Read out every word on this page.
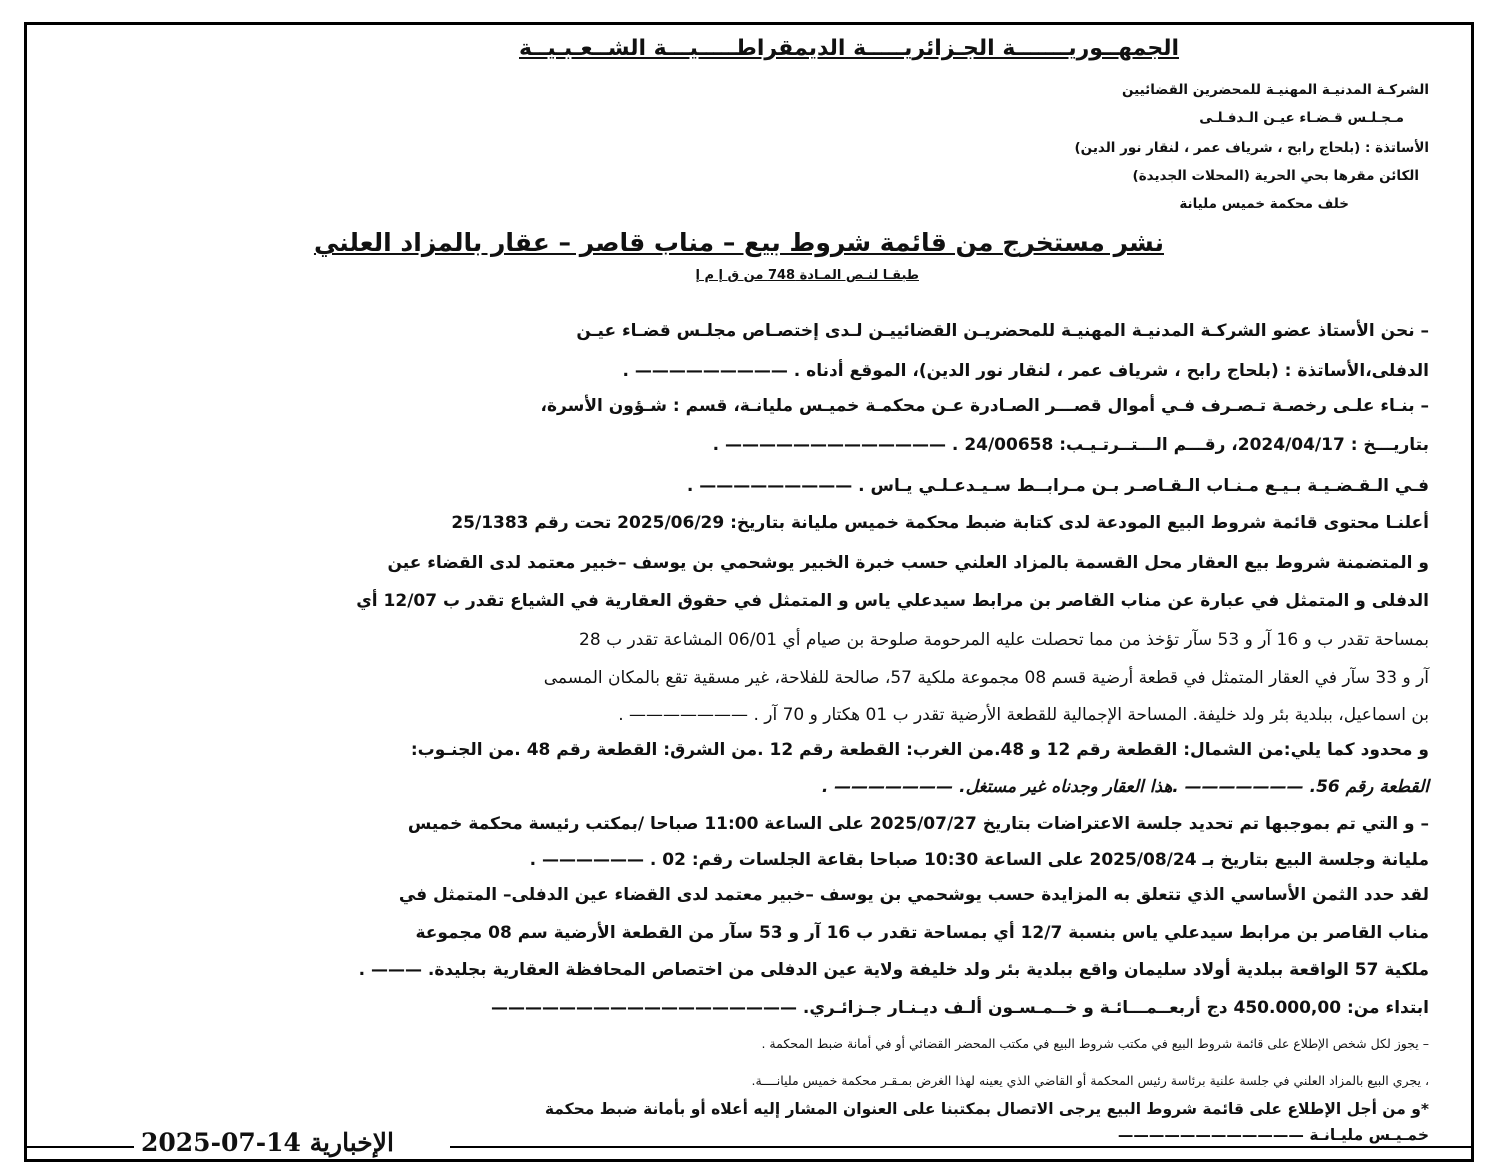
الجمهــوريـــــــة الجـزائريـــــة الديمقراطـــــيـــة الشــعـبـيــة
الشركـة المدنيـة المهنيـة للمحضرين القضائيين
مـجـلـس قـضـاء عيـن الـدفـلـى
الأساتذة : (بلحاج رابح ، شرياف عمر ، لنقار نور الدين)
الكائن مقرها بحي الحرية (المحلات الجديدة)
خلف محكمة خميس مليانة
نشر مستخرج من قائمة شروط بيع – مناب قاصر – عقار بالمزاد العلني
طبقـا لنـص المـادة 748 من ق إ م إ
– نحن الأستاذ عضو الشركـة المدنيـة المهنيـة للمحضريـن القضائييـن لـدى إختصـاص مجلـس قضـاء عيـن
الدفلى،الأساتذة : (بلحاج رابح ، شرياف عمر ، لنقار نور الدين)، الموقع أدناه . ————————— .
– بنـاء علـى رخصـة تـصـرف فـي أموال قصـــر الصـادرة عـن محكمـة خميـس مليانـة، قسم : شـؤون الأسرة،
بتاريـــخ : 2024/04/17، رقـــم الـــتــرتـيـب: 24/00658 . ————————————— .
فـي الـقـضـيـة بـيـع مـنـاب الـقـاصـر بـن مـرابــط سـيـدعـلـي يـاس . ————————— .
أعلنـا محتوى قائمة شروط البيع المودعة لدى كتابة ضبط محكمة خميس مليانة بتاريخ: 2025/06/29 تحت رقم 25/1383
و المتضمنة شروط بيع العقار محل القسمة بالمزاد العلني حسب خبرة الخبير يوشحمي بن يوسف –خبير معتمد لدى القضاء عين
الدفلى و المتمثل في عبارة عن مناب القاصر بن مرابط سيدعلي ياس و المتمثل في حقوق العقارية في الشياع تقدر ب 12/07 أي
بمساحة تقدر ب و 16 آر و 53 سآر تؤخذ من مما تحصلت عليه المرحومة صلوحة بن صيام أي 06/01 المشاعة تقدر ب 28
آر و 33 سآر في العقار المتمثل في قطعة أرضية قسم 08 مجموعة ملكية 57، صالحة للفلاحة، غير مسقية تقع بالمكان المسمى
بن اسماعيل، ببلدية بئر ولد خليفة. المساحة الإجمالية للقطعة الأرضية تقدر ب 01 هكتار و 70 آر . ——————— .
و محدود كما يلي:من الشمال: القطعة رقم 12 و 48.من الغرب: القطعة رقم 12 .من الشرق: القطعة رقم 48 .من الجنـوب:
القطعة رقم 56. ——————— .هذا العقار وجدناه غير مستغل. ——————— .
– و التي تم بموجبها تم تحديد جلسة الاعتراضات بتاريخ 2025/07/27 على الساعة 11:00 صباحا /بمكتب رئيسة محكمة خميس
مليانة وجلسة البيع بتاريخ بـ 2025/08/24 على الساعة 10:30 صباحا بقاعة الجلسات رقم: 02 . —————— .
لقد حدد الثمن الأساسي الذي تتعلق به المزايدة حسب يوشحمي بن يوسف –خبير معتمد لدى القضاء عين الدفلى– المتمثل في
مناب القاصر بن مرابط سيدعلي ياس بنسبة 12/7 أي بمساحة تقدر ب 16 آر و 53 سآر من القطعة الأرضية سم 08 مجموعة
ملكية 57 الواقعة ببلدية أولاد سليمان واقع ببلدية بئر ولد خليفة ولاية عين الدفلى من اختصاص المحافظة العقارية بجليدة. ——— .
ابتداء من: 450.000,00 دج أربعــمـــائـة و خــمـسـون ألـف ديـنـار جـزائـري. ——————————————————
– يجوز لكل شخص الإطلاع على قائمة شروط البيع في مكتب شروط البيع في مكتب المحضر القضائي أو في أمانة ضبط المحكمة .
، يجري البيع بالمزاد العلني في جلسة علنية برئاسة رئيس المحكمة أو القاضي الذي يعينه لهذا الغرض بمـقـر محكمة خميس مليانــــة.
*و من أجل الإطلاع على قائمة شروط البيع يرجى الاتصال بمكتبنا على العنوان المشار إليه أعلاه أو بأمانة ضبط محكمة
خمـيـس مليـانـة ————————————
2025-07-14 الإخبارية
